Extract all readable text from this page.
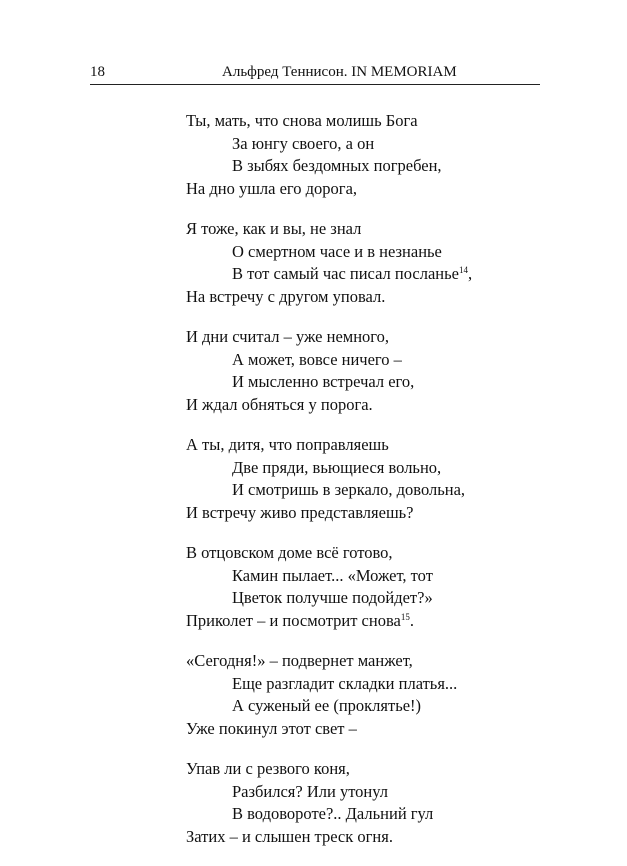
18	Альфред Теннисон. IN MEMORIAM
Ты, мать, что снова молишь Бога
За юнгу своего, а он
В зыбях бездомных погребен,
На дно ушла его дорога,
Я тоже, как и вы, не знал
О смертном часе и в незнанье
В тот самый час писал посланье$^{14}$,
На встречу с другом уповал.
И дни считал – уже немного,
А может, вовсе ничего –
И мысленно встречал его,
И ждал обняться у порога.
А ты, дитя, что поправляешь
Две пряди, вьющиеся вольно,
И смотришь в зеркало, довольна,
И встречу живо представляешь?
В отцовском доме всё готово,
Камин пылает... «Может, тот
Цветок получше подойдет?»
Приколет – и посмотрит снова$^{15}$.
«Сегодня!» – подвернет манжет,
Еще разгладит складки платья...
А суженый ее (проклятье!)
Уже покинул этот свет –
Упав ли с резвого коня,
Разбился? Или утонул
В водовороте?.. Дальний гул
Затих – и слышен треск огня.
